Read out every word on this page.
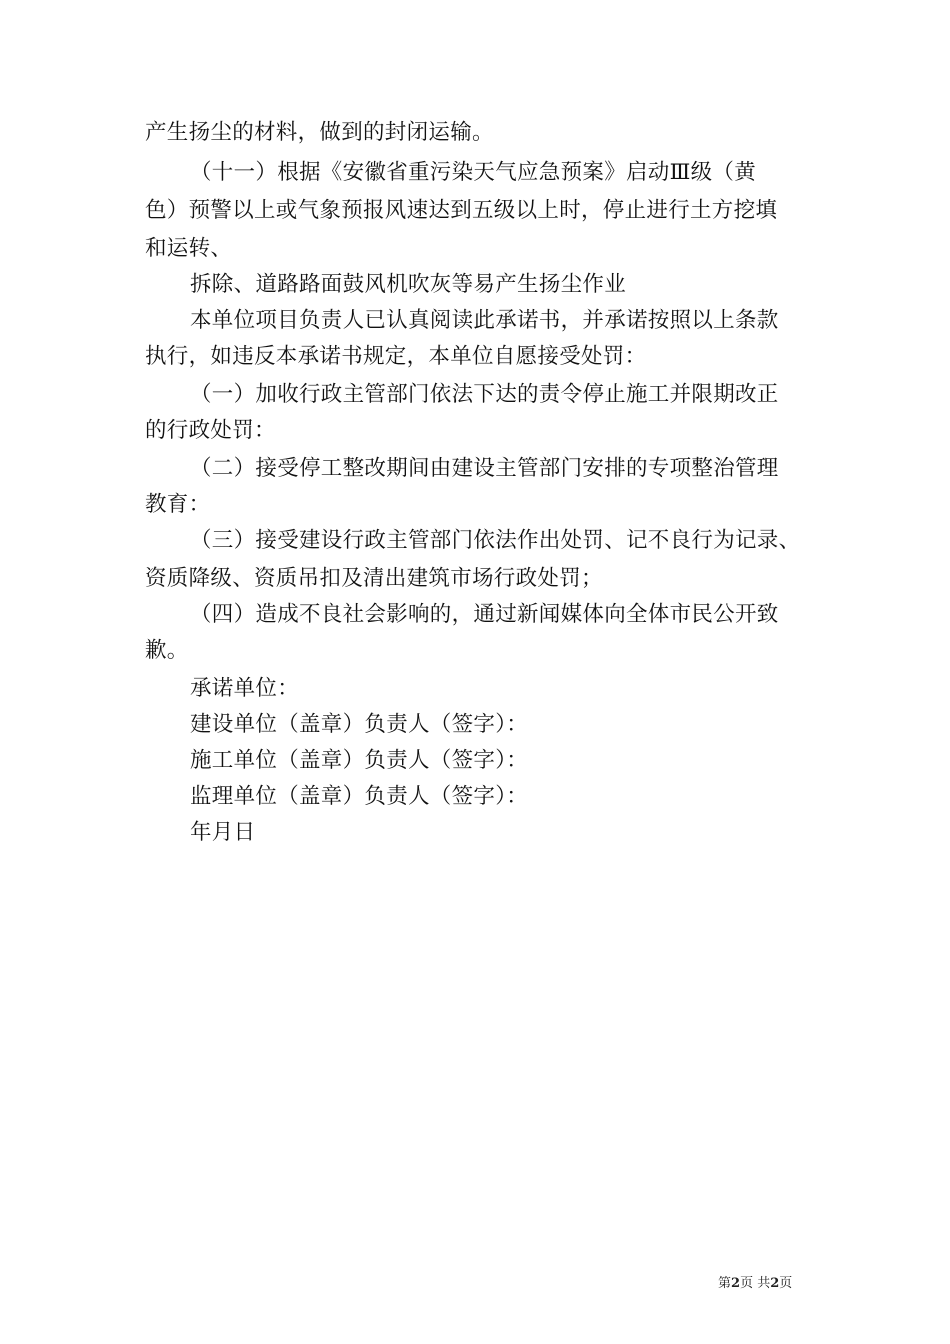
产生扬尘的材料，做到的封闭运输。
（十一）根据《安徽省重污染天气应急预案》启动Ⅲ级（黄
色）预警以上或气象预报风速达到五级以上时，停止进行土方挖填
和运转、
拆除、道路路面鼓风机吹灰等易产生扬尘作业
本单位项目负责人已认真阅读此承诺书，并承诺按照以上条款
执行，如违反本承诺书规定，本单位自愿接受处罚：
（一）加收行政主管部门依法下达的责令停止施工并限期改正
的行政处罚：
（二）接受停工整改期间由建设主管部门安排的专项整治管理
教育：
（三）接受建设行政主管部门依法作出处罚、记不良行为记录、
资质降级、资质吊扣及清出建筑市场行政处罚；
（四）造成不良社会影响的，通过新闻媒体向全体市民公开致
歉。
承诺单位：
建设单位（盖章）负责人（签字）：
施工单位（盖章）负责人（签字）：
监理单位（盖章）负责人（签字）：
年月日
第2页 共2页
